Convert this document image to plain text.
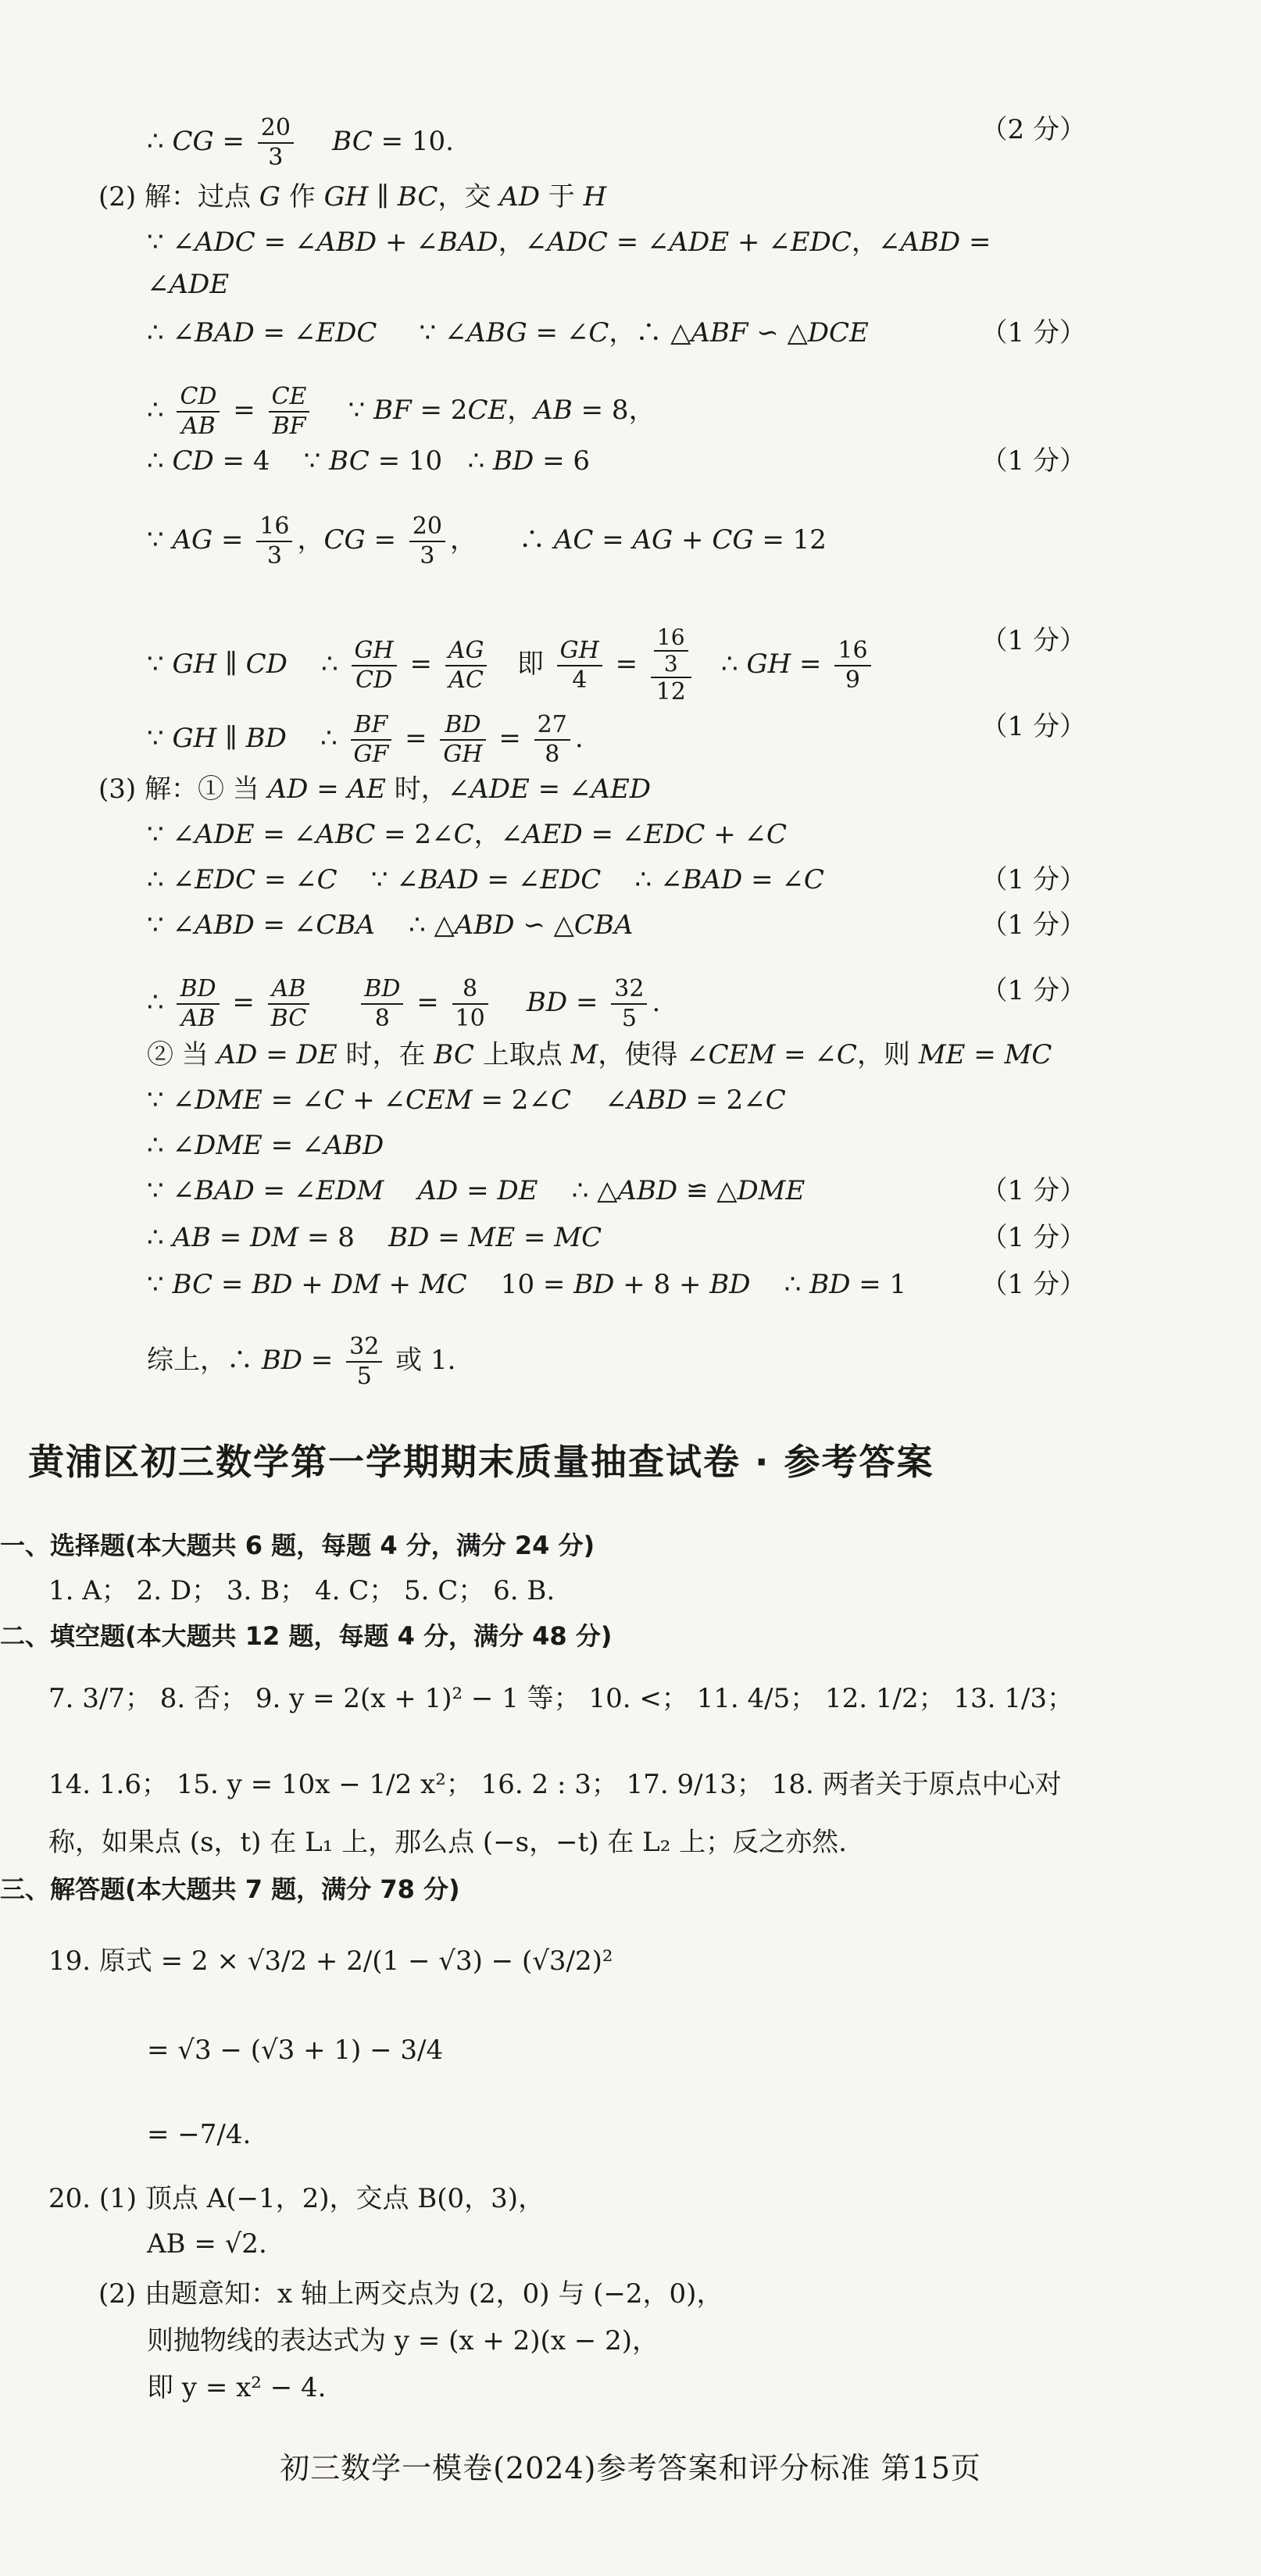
∴ CG = $\frac{20}{3}$ BC = 10.	（2 分）
(2) 解：过点 G 作 GH ∥ BC，交 AD 于 H
∵ ∠ADC = ∠ABD + ∠BAD，∠ADC = ∠ADE + ∠EDC，∠ABD =
∠ADE
∴ ∠BAD = ∠EDC     ∵ ∠ABG = ∠C，∴ △ABF ∽ △DCE	（1 分）
∴ $\frac{CD}{AB} = \frac{CE}{BF}$ ∵ BF = 2CE，AB = 8，
∴ CD = 4    ∵ BC = 10   ∴ BD = 6	（1 分）
∵ AG = $\frac{16}{3}$ ，CG = $\frac{20}{3}$ ，     ∴ AC = AG + CG = 12
∵ GH ∥ CD    ∴ $\frac{GH}{CD} = \frac{AG}{AC}$ 即 $\frac{GH}{4} = \frac{\frac{16}{3}}{12}$ ∴ GH = $\frac{16}{9}$	（1 分）
∵ GH ∥ BD    ∴ $\frac{BF}{GF} = \frac{BD}{GH} = \frac{27}{8}$ .	（1 分）
(3) 解：① 当 AD = AE 时，∠ADE = ∠AED
∵ ∠ADE = ∠ABC = 2∠C，∠AED = ∠EDC + ∠C
∴ ∠EDC = ∠C    ∵ ∠BAD = ∠EDC    ∴ ∠BAD = ∠C	（1 分）
∵ ∠ABD = ∠CBA    ∴ △ABD ∽ △CBA	（1 分）
∴ $\frac{BD}{AB} = \frac{AB}{BC}$
$\frac{BD}{8} = \frac{8}{10}$ BD = $\frac{32}{5}$ .	（1 分）
② 当 AD = DE 时，在 BC 上取点 M，使得 ∠CEM = ∠C，则 ME = MC
∵ ∠DME = ∠C + ∠CEM = 2∠C    ∠ABD = 2∠C
∴ ∠DME = ∠ABD
∵ ∠BAD = ∠EDM AD = DE    ∴ △ABD ≌ △DME	（1 分）
∴ AB = DM = 8    BD = ME = MC	（1 分）
∵ BC = BD + DM + MC    10 = BD + 8 + BD    ∴ BD = 1	（1 分）
综上，∴ BD = $\frac{32}{5}$ 或 1.
黄浦区初三数学第一学期期末质量抽查试卷 · 参考答案
一、选择题(本大题共 6 题，每题 4 分，满分 24 分)
1. A； 2. D； 3. B； 4. C； 5. C； 6. B.
二、填空题(本大题共 12 题，每题 4 分，满分 48 分)
7. 3/7； 8. 否； 9. y = 2(x + 1)² − 1 等； 10. <； 11. 4/5； 12. 1/2； 13. 1/3；
14. 1.6； 15. y = 10x − 1/2 x²； 16. 2 : 3； 17. 9/13； 18. 两者关于原点中心对
称，如果点 (s，t) 在 L₁ 上，那么点 (−s，−t) 在 L₂ 上；反之亦然.
三、解答题(本大题共 7 题，满分 78 分)
19. 原式 = 2 × √3/2 + 2/(1 − √3) − (√3/2)²
= √3 − (√3 + 1) − 3/4
= −7/4.
20. (1) 顶点 A(−1，2)，交点 B(0，3)，
AB = √2.
(2) 由题意知：x 轴上两交点为 (2，0) 与 (−2，0)，
则抛物线的表达式为 y = (x + 2)(x − 2)，
即 y = x² − 4.
初三数学一模卷(2024)参考答案和评分标准 第15页
